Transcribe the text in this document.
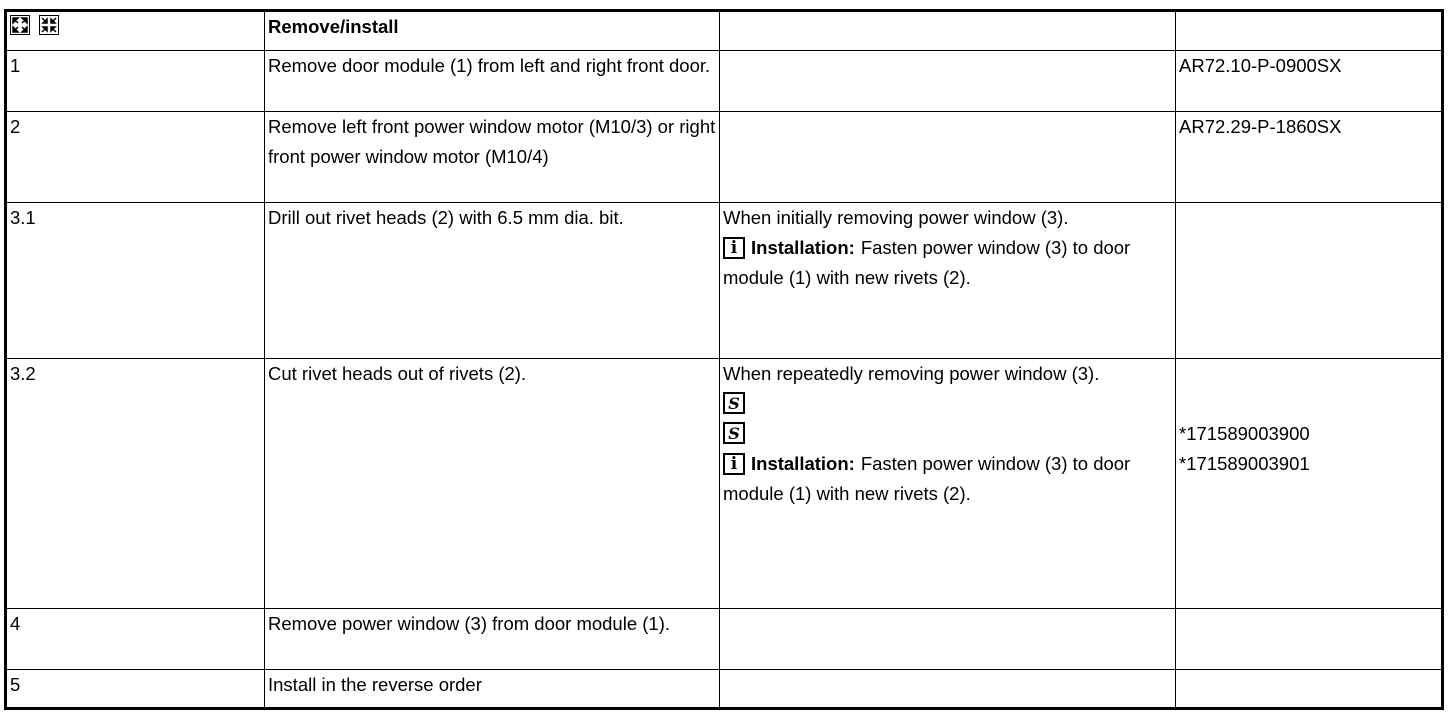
	Remove/install		
1	Remove door module (1) from left and right front door.		AR72.10-P-0900SX
2	Remove left front power window motor (M10/3) or right front power window motor (M10/4)		AR72.29-P-1860SX
3.1	Drill out rivet heads (2) with 6.5 mm dia. bit.	When initially removing power window (3).
i Installation: Fasten power window (3) to door module (1) with new rivets (2).	
3.2	Cut rivet heads out of rivets (2).	When repeatedly removing power window (3).
S
S
i Installation: Fasten power window (3) to door module (1) with new rivets (2).	*171589003900
*171589003901

4	Remove power window (3) from door module (1).		
5	Install in the reverse order		
